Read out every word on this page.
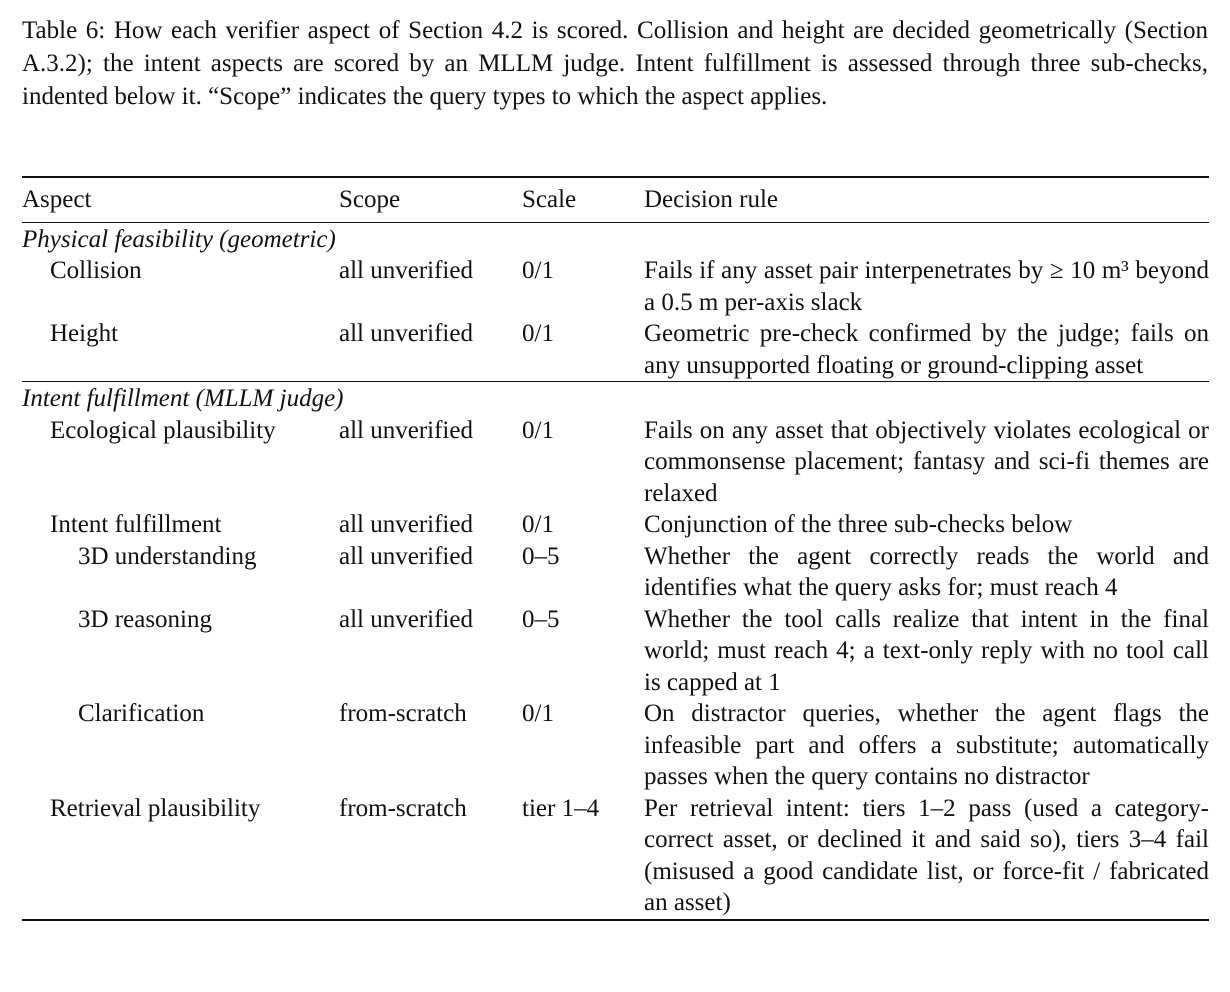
Table 6: How each verifier aspect of Section 4.2 is scored. Collision and height are decided geometrically (Section A.3.2); the intent aspects are scored by an MLLM judge. Intent fulfillment is assessed through three sub-checks, indented below it. “Scope” indicates the query types to which the aspect applies.

Aspect	Scope	Scale	Decision rule
Physical feasibility (geometric)			
Collision	all unverified	0/1	Fails if any asset pair interpenetrates by ≥ 10 m³ beyond a 0.5 m per-axis slack
Height	all unverified	0/1	Geometric pre-check confirmed by the judge; fails on any unsupported floating or ground-clipping asset
Intent fulfillment (MLLM judge)			
Ecological plausibility	all unverified	0/1	Fails on any asset that objectively violates ecological or commonsense placement; fantasy and sci-fi themes are relaxed
Intent fulfillment	all unverified	0/1	Conjunction of the three sub-checks below
3D understanding	all unverified	0–5	Whether the agent correctly reads the world and identifies what the query asks for; must reach 4
3D reasoning	all unverified	0–5	Whether the tool calls realize that intent in the final world; must reach 4; a text-only reply with no tool call is capped at 1
Clarification	from-scratch	0/1	On distractor queries, whether the agent flags the infeasible part and offers a substitute; automatically passes when the query contains no distractor
Retrieval plausibility	from-scratch	tier 1–4	Per retrieval intent: tiers 1–2 pass (used a category-correct asset, or declined it and said so), tiers 3–4 fail (misused a good candidate list, or force-fit / fabricated an asset)
